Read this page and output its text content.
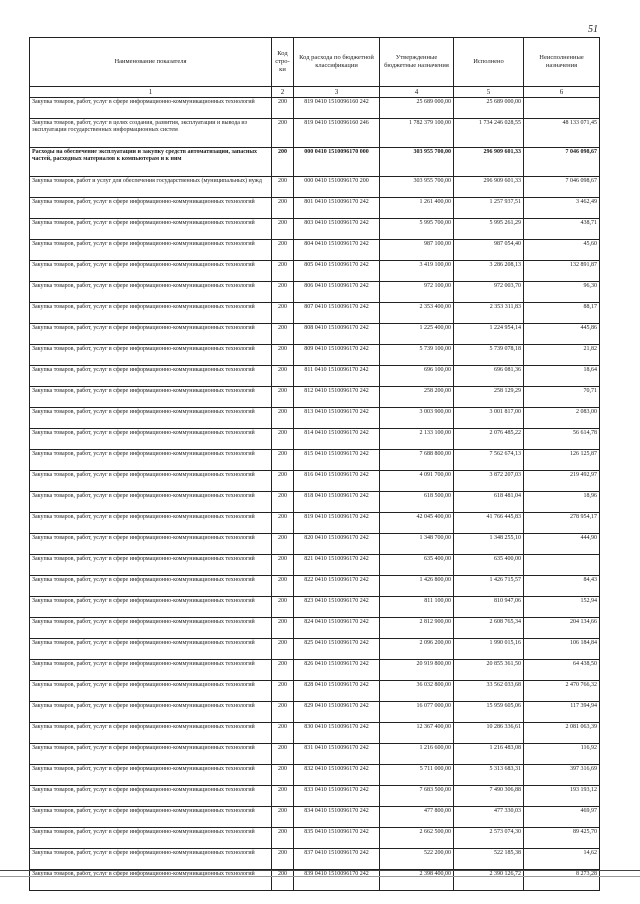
51
Наименование показателя	Код стро-ки	Код расхода по бюджетной классификации	Утвержденные бюджетные назначения	Исполнено	Неисполненные назначения
1	2	3	4	5	6
Закупка товаров, работ, услуг в сфере информационно-коммуникационных технологий	200	819 0410 1510096160 242	25 689 000,00	25 689 000,00	
Закупка товаров, работ, услуг в целях создания, развития, эксплуатации и вывода из эксплуатации государственных информационных систем	200	819 0410 1510096160 246	1 782 379 100,00	1 734 246 028,55	48 133 071,45
Расходы на обеспечение эксплуатации и закупку средств автоматизации, запасных частей, расходных материалов к компьютерам и к ним	200	000 0410 1510096170 000	303 955 700,00	296 909 601,33	7 046 098,67
Закупка товаров, работ и услуг для обеспечения государственных (муниципальных) нужд	200	000 0410 1510096170 200	303 955 700,00	296 909 601,33	7 046 098,67
Закупка товаров, работ, услуг в сфере информационно-коммуникационных технологий	200	801 0410 1510096170 242	1 261 400,00	1 257 937,51	3 462,49
Закупка товаров, работ, услуг в сфере информационно-коммуникационных технологий	200	803 0410 1510096170 242	5 995 700,00	5 995 261,29	438,71
Закупка товаров, работ, услуг в сфере информационно-коммуникационных технологий	200	804 0410 1510096170 242	987 100,00	987 054,40	45,60
Закупка товаров, работ, услуг в сфере информационно-коммуникационных технологий	200	805 0410 1510096170 242	3 419 100,00	3 286 208,13	132 891,87
Закупка товаров, работ, услуг в сфере информационно-коммуникационных технологий	200	806 0410 1510096170 242	972 100,00	972 003,70	96,30
Закупка товаров, работ, услуг в сфере информационно-коммуникационных технологий	200	807 0410 1510096170 242	2 353 400,00	2 353 311,83	88,17
Закупка товаров, работ, услуг в сфере информационно-коммуникационных технологий	200	808 0410 1510096170 242	1 225 400,00	1 224 954,14	445,86
Закупка товаров, работ, услуг в сфере информационно-коммуникационных технологий	200	809 0410 1510096170 242	5 739 100,00	5 739 078,18	21,82
Закупка товаров, работ, услуг в сфере информационно-коммуникационных технологий	200	811 0410 1510096170 242	696 100,00	696 081,36	18,64
Закупка товаров, работ, услуг в сфере информационно-коммуникационных технологий	200	812 0410 1510096170 242	258 200,00	258 129,29	70,71
Закупка товаров, работ, услуг в сфере информационно-коммуникационных технологий	200	813 0410 1510096170 242	3 003 900,00	3 001 817,00	2 083,00
Закупка товаров, работ, услуг в сфере информационно-коммуникационных технологий	200	814 0410 1510096170 242	2 133 100,00	2 076 485,22	56 614,78
Закупка товаров, работ, услуг в сфере информационно-коммуникационных технологий	200	815 0410 1510096170 242	7 688 800,00	7 562 674,13	126 125,87
Закупка товаров, работ, услуг в сфере информационно-коммуникационных технологий	200	816 0410 1510096170 242	4 091 700,00	3 872 207,03	219 492,97
Закупка товаров, работ, услуг в сфере информационно-коммуникационных технологий	200	818 0410 1510096170 242	618 500,00	618 481,04	18,96
Закупка товаров, работ, услуг в сфере информационно-коммуникационных технологий	200	819 0410 1510096170 242	42 045 400,00	41 766 445,83	278 954,17
Закупка товаров, работ, услуг в сфере информационно-коммуникационных технологий	200	820 0410 1510096170 242	1 348 700,00	1 348 255,10	444,90
Закупка товаров, работ, услуг в сфере информационно-коммуникационных технологий	200	821 0410 1510096170 242	635 400,00	635 400,00	
Закупка товаров, работ, услуг в сфере информационно-коммуникационных технологий	200	822 0410 1510096170 242	1 426 800,00	1 426 715,57	84,43
Закупка товаров, работ, услуг в сфере информационно-коммуникационных технологий	200	823 0410 1510096170 242	811 100,00	810 947,06	152,94
Закупка товаров, работ, услуг в сфере информационно-коммуникационных технологий	200	824 0410 1510096170 242	2 812 900,00	2 608 765,34	204 134,66
Закупка товаров, работ, услуг в сфере информационно-коммуникационных технологий	200	825 0410 1510096170 242	2 096 200,00	1 990 015,16	106 184,84
Закупка товаров, работ, услуг в сфере информационно-коммуникационных технологий	200	826 0410 1510096170 242	20 919 800,00	20 855 361,50	64 438,50
Закупка товаров, работ, услуг в сфере информационно-коммуникационных технологий	200	828 0410 1510096170 242	36 032 800,00	33 562 033,68	2 470 766,32
Закупка товаров, работ, услуг в сфере информационно-коммуникационных технологий	200	829 0410 1510096170 242	16 077 000,00	15 959 605,06	117 394,94
Закупка товаров, работ, услуг в сфере информационно-коммуникационных технологий	200	830 0410 1510096170 242	12 367 400,00	10 286 336,61	2 081 063,39
Закупка товаров, работ, услуг в сфере информационно-коммуникационных технологий	200	831 0410 1510096170 242	1 216 600,00	1 216 483,08	116,92
Закупка товаров, работ, услуг в сфере информационно-коммуникационных технологий	200	832 0410 1510096170 242	5 711 000,00	5 313 683,31	397 316,69
Закупка товаров, работ, услуг в сфере информационно-коммуникационных технологий	200	833 0410 1510096170 242	7 683 500,00	7 490 306,88	193 193,12
Закупка товаров, работ, услуг в сфере информационно-коммуникационных технологий	200	834 0410 1510096170 242	477 800,00	477 330,03	469,97
Закупка товаров, работ, услуг в сфере информационно-коммуникационных технологий	200	835 0410 1510096170 242	2 662 500,00	2 573 074,30	89 425,70
Закупка товаров, работ, услуг в сфере информационно-коммуникационных технологий	200	837 0410 1510096170 242	522 200,00	522 185,38	14,62
Закупка товаров, работ, услуг в сфере информационно-коммуникационных технологий	200	839 0410 1510096170 242	2 398 400,00	2 390 126,72	8 273,28
